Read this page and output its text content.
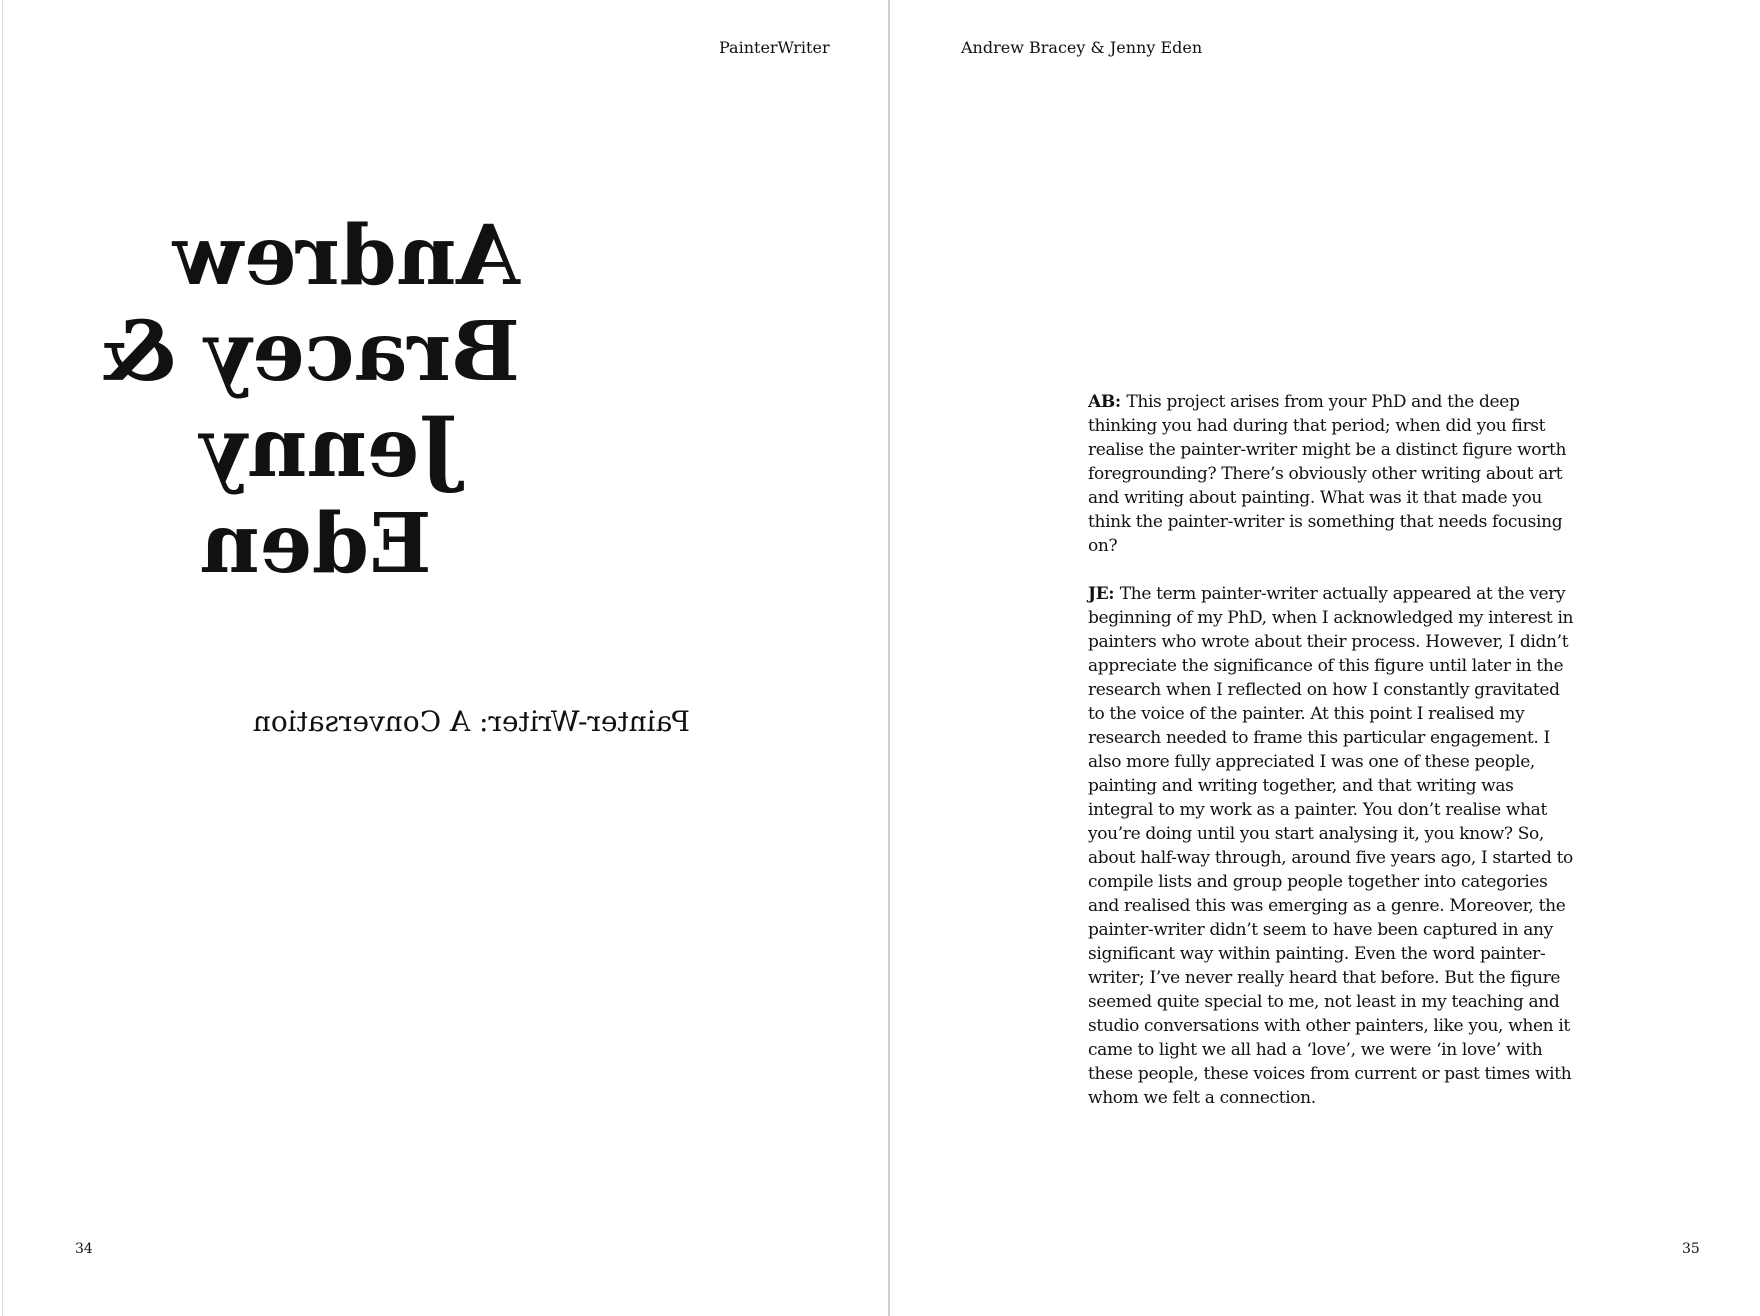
PainterWriter	Andrew Bracey & Jenny Eden
Andrew
Bracey &
Jenny
Eden
Painter-Writer: A Conversation

AB: This project arises from your PhD and the deep thinking you had during that period; when did you first realise the painter-writer might be a distinct figure worth foregrounding? There’s obviously other writing about art and writing about painting. What was it that made you think the painter-writer is something that needs focusing on?

JE: The term painter-writer actually appeared at the very beginning of my PhD, when I acknowledged my interest in painters who wrote about their process. However, I didn’t appreciate the significance of this figure until later in the research when I reflected on how I constantly gravitated to the voice of the painter. At this point I realised my research needed to frame this particular engagement. I also more fully appreciated I was one of these people, painting and writing together, and that writing was integral to my work as a painter. You don’t realise what you’re doing until you start analysing it, you know? So, about half-way through, around five years ago, I started to compile lists and group people together into categories and realised this was emerging as a genre. Moreover, the painter-writer didn’t seem to have been captured in any significant way within painting. Even the word painter-writer; I’ve never really heard that before. But the figure seemed quite special to me, not least in my teaching and studio conversations with other painters, like you, when it came to light we all had a ‘love’, we were ‘in love’ with these people, these voices from current or past times with whom we felt a connection.

34	35
